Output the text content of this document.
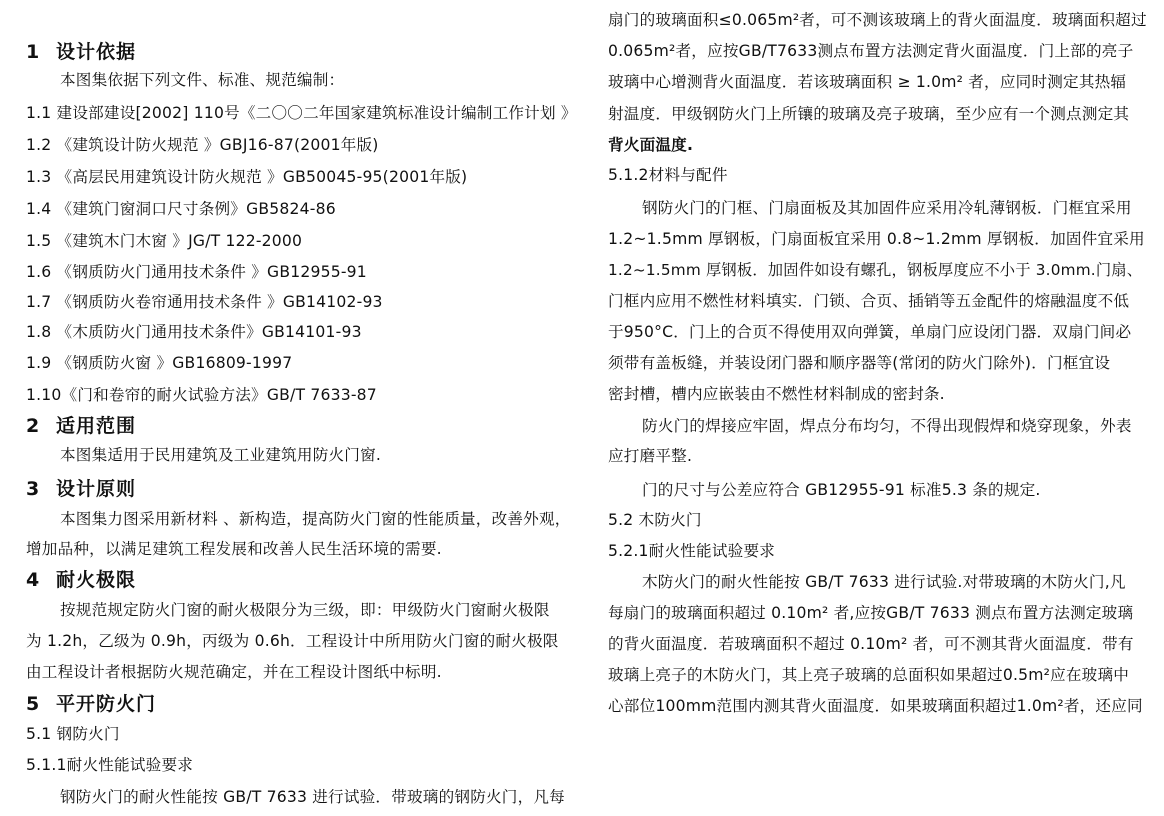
1 设计依据
本图集依据下列文件、标准、规范编制：
1.1 建设部建设[2002] 110号《二〇〇二年国家建筑标准设计编制工作计划 》
1.2 《建筑设计防火规范 》GBJ16-87(2001年版)
1.3 《高层民用建筑设计防火规范 》GB50045-95(2001年版)
1.4 《建筑门窗洞口尺寸条例》GB5824-86
1.5 《建筑木门木窗 》JG/T 122-2000
1.6 《钢质防火门通用技术条件 》GB12955-91
1.7 《钢质防火卷帘通用技术条件 》GB14102-93
1.8 《木质防火门通用技术条件》GB14101-93
1.9 《钢质防火窗 》GB16809-1997
1.10《门和卷帘的耐火试验方法》GB/T 7633-87
2 适用范围
本图集适用于民用建筑及工业建筑用防火门窗.
3 设计原则
本图集力图采用新材料 、新构造，提高防火门窗的性能质量，改善外观，
增加品种，以满足建筑工程发展和改善人民生活环境的需要.
4 耐火极限
按规范规定防火门窗的耐火极限分为三级，即：甲级防火门窗耐火极限
为 1.2h，乙级为 0.9h，丙级为 0.6h．工程设计中所用防火门窗的耐火极限
由工程设计者根据防火规范确定，并在工程设计图纸中标明.
5 平开防火门
5.1 钢防火门
5.1.1耐火性能试验要求
钢防火门的耐火性能按 GB/T 7633 进行试验．带玻璃的钢防火门，凡每
扇门的玻璃面积≤0.065m²者，可不测该玻璃上的背火面温度．玻璃面积超过
0.065m²者，应按GB/T7633测点布置方法测定背火面温度．门上部的亮子
玻璃中心增测背火面温度．若该玻璃面积 ≥ 1.0m² 者，应同时测定其热辐
射温度．甲级钢防火门上所镶的玻璃及亮子玻璃，至少应有一个测点测定其
背火面温度.
5.1.2材料与配件
钢防火门的门框、门扇面板及其加固件应采用冷轧薄钢板．门框宜采用
1.2~1.5mm 厚钢板，门扇面板宜采用 0.8~1.2mm 厚钢板．加固件宜采用
1.2~1.5mm 厚钢板．加固件如设有螺孔，钢板厚度应不小于 3.0mm.门扇、
门框内应用不燃性材料填实．门锁、合页、插销等五金配件的熔融温度不低
于950°C．门上的合页不得使用双向弹簧，单扇门应设闭门器．双扇门间必
须带有盖板缝，并装设闭门器和顺序器等(常闭的防火门除外)．门框宜设
密封槽，槽内应嵌装由不燃性材料制成的密封条.
防火门的焊接应牢固，焊点分布均匀，不得出现假焊和烧穿现象，外表
应打磨平整.
门的尺寸与公差应符合 GB12955-91 标准5.3 条的规定.
5.2 木防火门
5.2.1耐火性能试验要求
木防火门的耐火性能按 GB/T 7633 进行试验.对带玻璃的木防火门,凡
每扇门的玻璃面积超过 0.10m² 者,应按GB/T 7633 测点布置方法测定玻璃
的背火面温度．若玻璃面积不超过 0.10m² 者，可不测其背火面温度．带有
玻璃上亮子的木防火门，其上亮子玻璃的总面积如果超过0.5m²应在玻璃中
心部位100mm范围内测其背火面温度．如果玻璃面积超过1.0m²者，还应同
